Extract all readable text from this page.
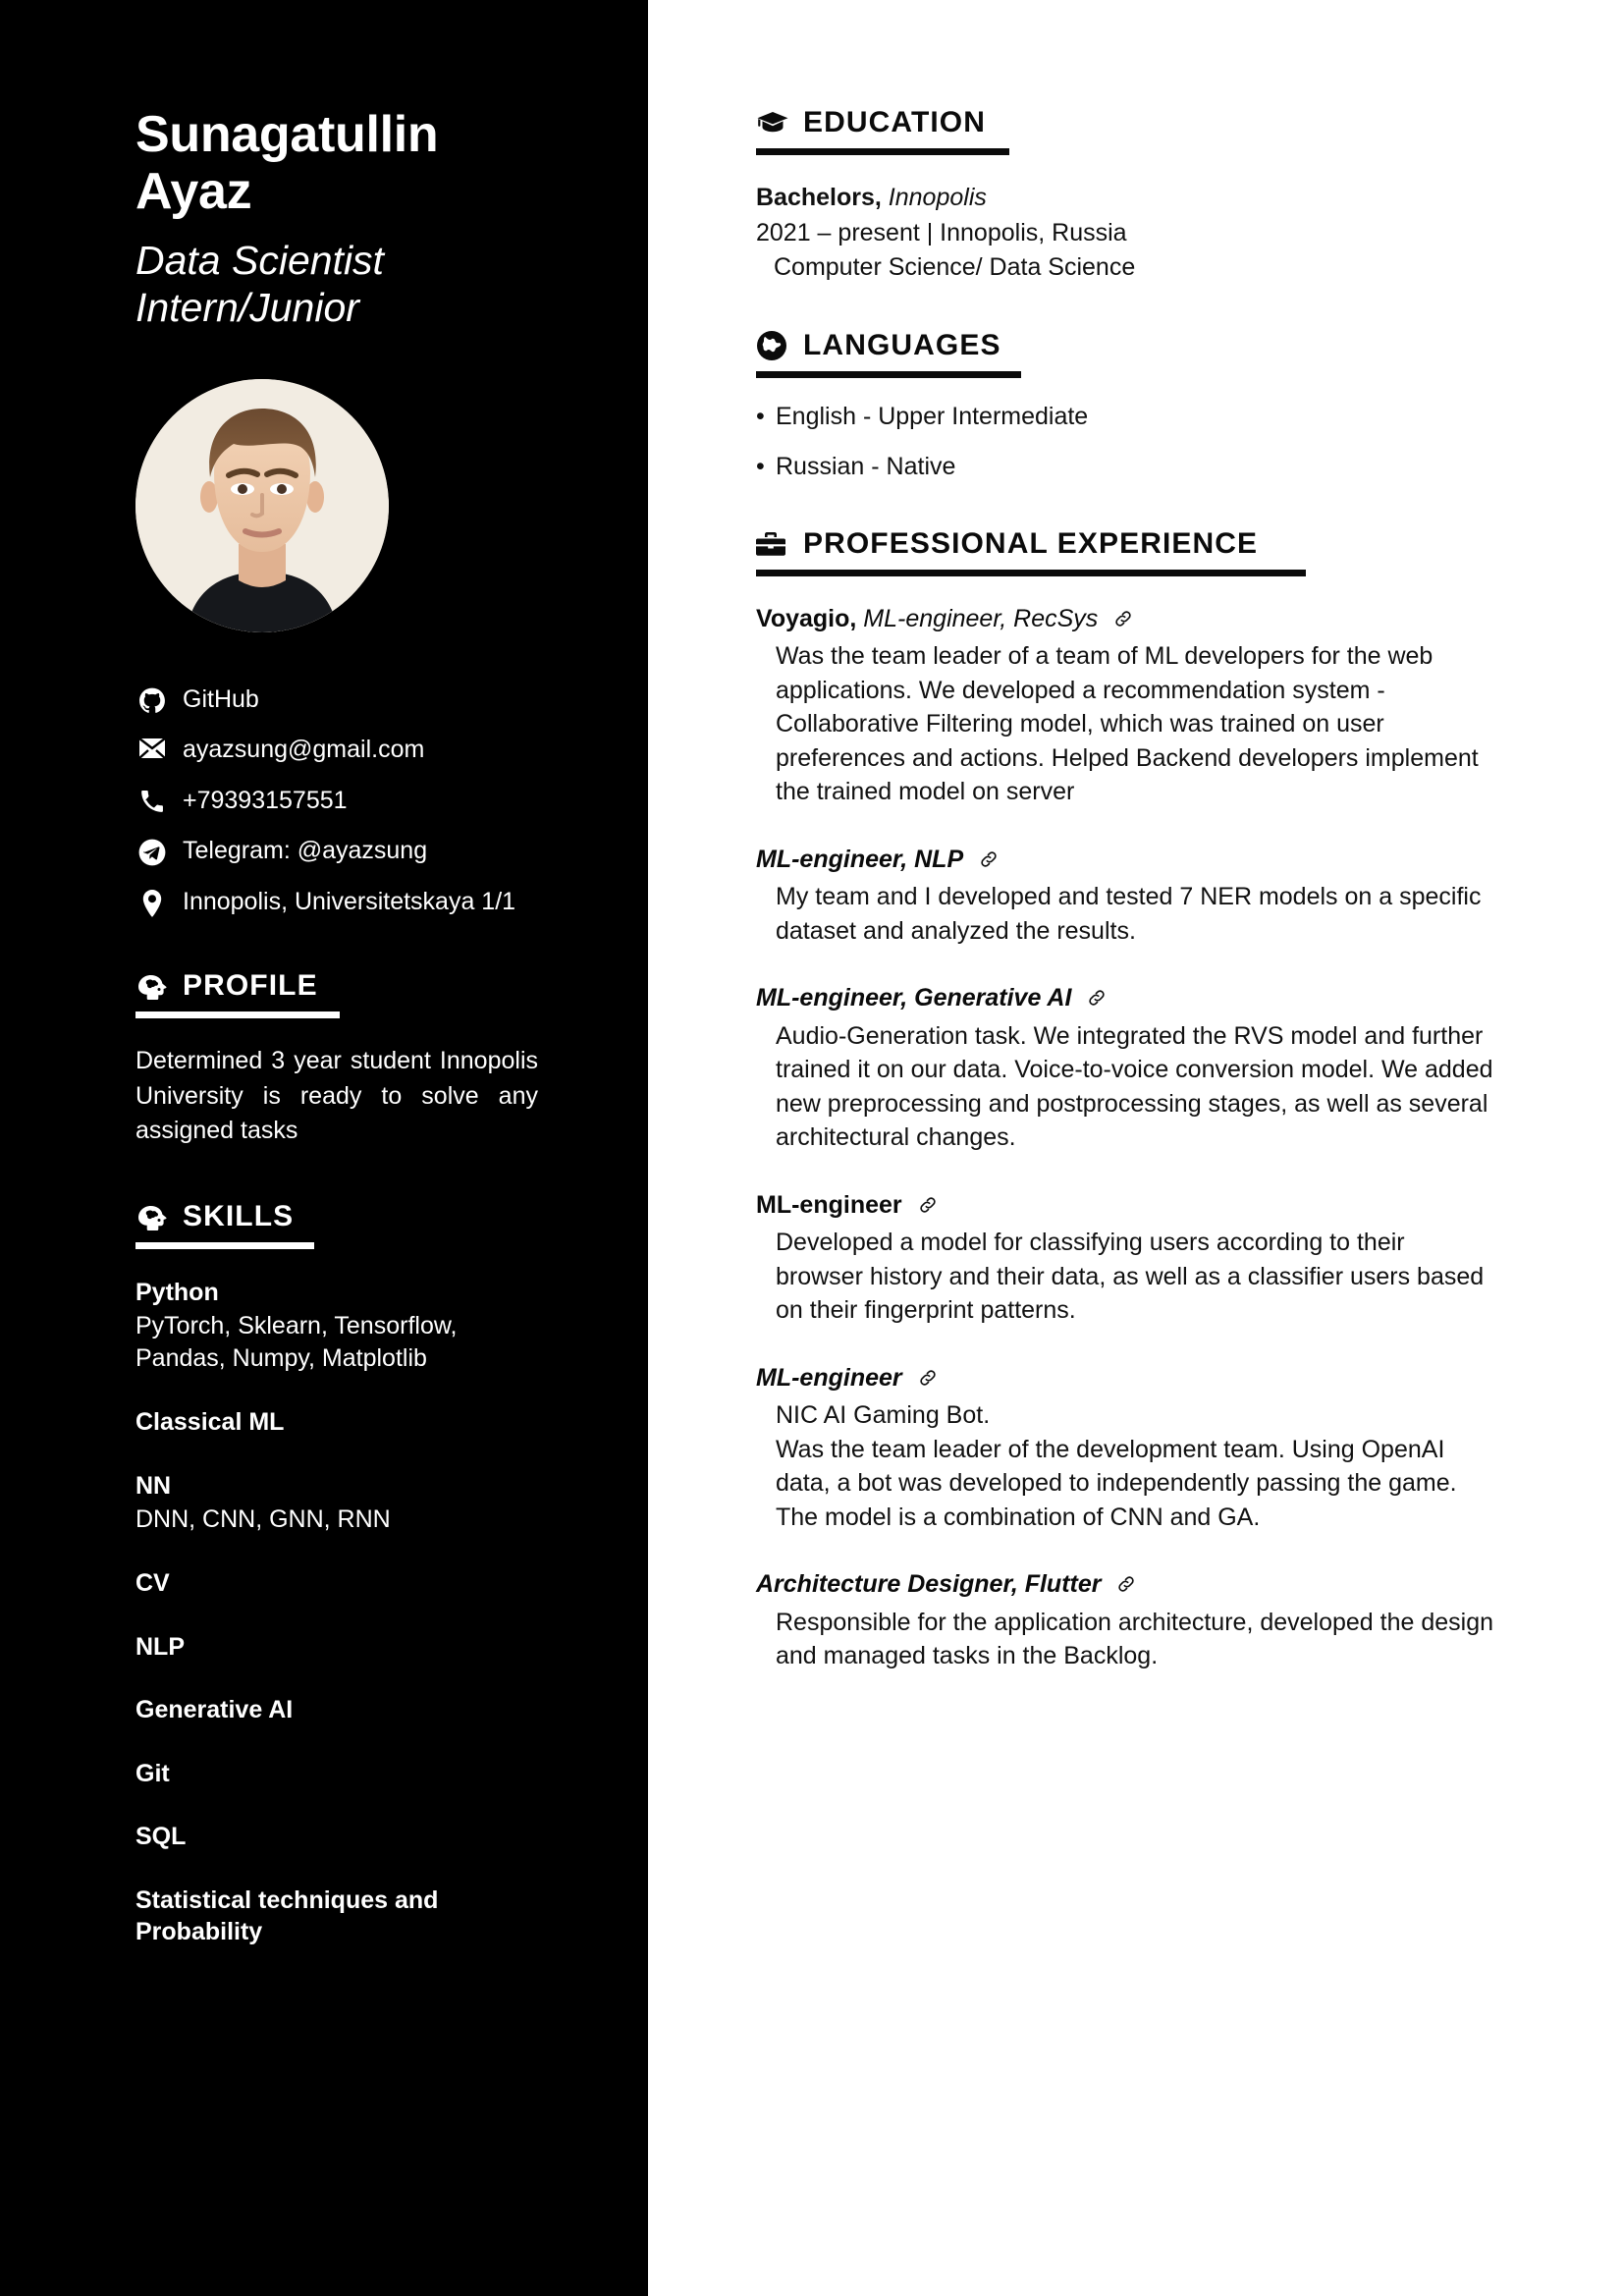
Sunagatullin Ayaz
Data Scientist Intern/Junior
GitHub
ayazsung@gmail.com
+79393157551
Telegram: @ayazsung
Innopolis, Universitetskaya 1/1
PROFILE

Determined 3 year student Innopolis University is ready to solve any assigned tasks

SKILLS
Python
PyTorch, Sklearn, Tensorflow, Pandas, Numpy, Matplotlib
Classical ML
NN
DNN, CNN, GNN, RNN
CV
NLP
Generative AI
Git
SQL
Statistical techniques and Probability
EDUCATION
Bachelors, Innopolis
2021 – present | Innopolis, Russia
Computer Science/ Data Science
LANGUAGES
• English - Upper Intermediate
• Russian - Native
PROFESSIONAL EXPERIENCE
Voyagio, ML-engineer, RecSys
Was the team leader of a team of ML developers for the web applications. We developed a recommendation system - Collaborative Filtering model, which was trained on user preferences and actions. Helped Backend developers implement the trained model on server
ML-engineer, NLP
My team and I developed and tested 7 NER models on a specific dataset and analyzed the results.
ML-engineer, Generative AI
Audio-Generation task. We integrated the RVS model and further trained it on our data. Voice-to-voice conversion model. We added new preprocessing and postprocessing stages, as well as several architectural changes.
ML-engineer
Developed a model for classifying users according to their browser history and their data, as well as a classifier users based on their fingerprint patterns.
ML-engineer
NIC AI Gaming Bot.
Was the team leader of the development team. Using OpenAI data, a bot was developed to independently passing the game. The model is a combination of CNN and GA.
Architecture Designer, Flutter
Responsible for the application architecture, developed the design and managed tasks in the Backlog.
